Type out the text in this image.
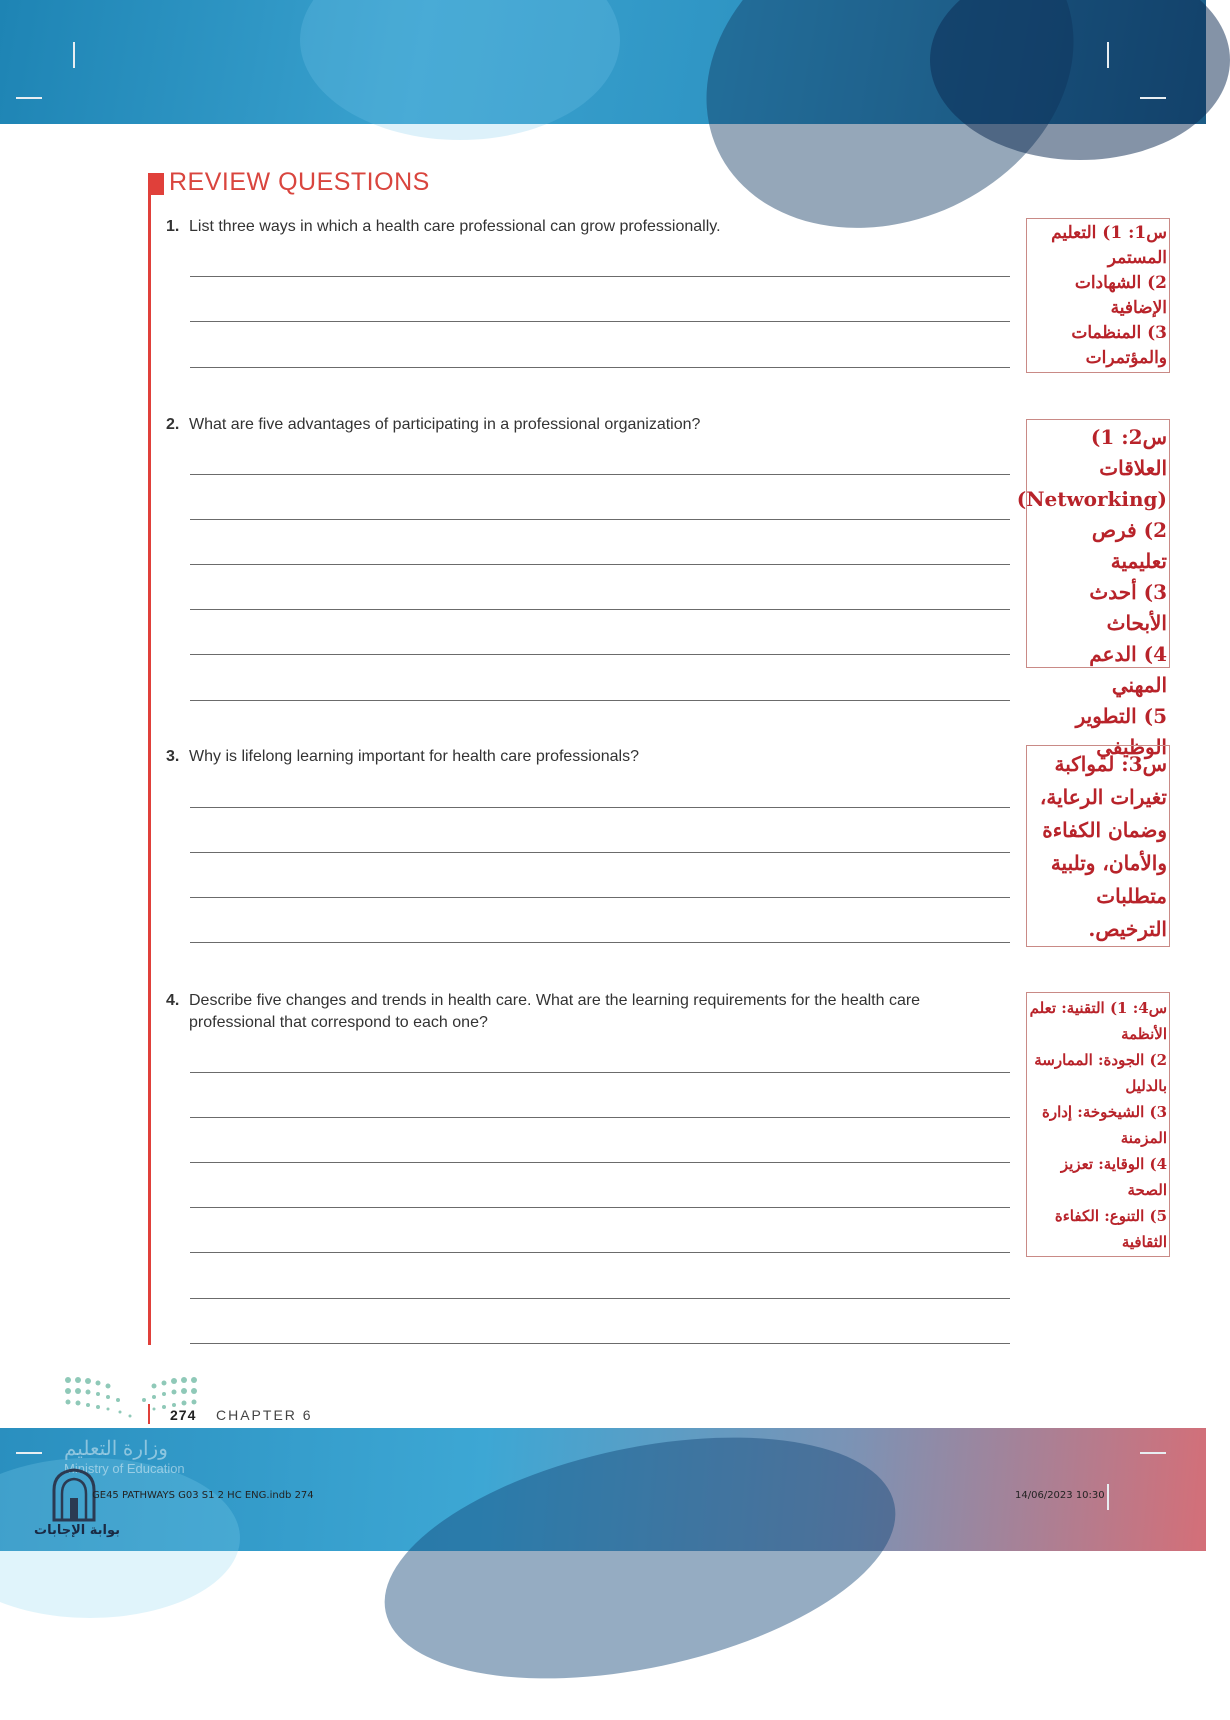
REVIEW QUESTIONS
1. List three ways in which a health care professional can grow professionally.	س1: 1) التعليم المستمر
2) الشهادات الإضافية
3) المنظمات والمؤتمرات
2. What are five advantages of participating in a professional organization?
س2: 1) العلاقات (Networking)
2) فرص تعليمية
3) أحدث الأبحاث
4) الدعم المهني
5) التطوير الوظيفي
3. Why is lifelong learning important for health care professionals?	س3: لمواكبة تغيرات الرعاية، وضمان الكفاءة والأمان، وتلبية متطلبات الترخيص.
4. Describe five changes and trends in health care. What are the learning requirements for the health care
professional that correspond to each one?
س4: 1) التقنية: تعلم الأنظمة
2) الجودة: الممارسة بالدليل
3) الشيخوخة: إدارة المزمنة
4) الوقاية: تعزيز الصحة
5) التنوع: الكفاءة الثقافية
274 CHAPTER 6
وزارة التعليم
Ministry of Education
GE45 PATHWAYS G03 S1 2 HC ENG.indb 274	14/06/2023 10:30
بوابة الإجابات
